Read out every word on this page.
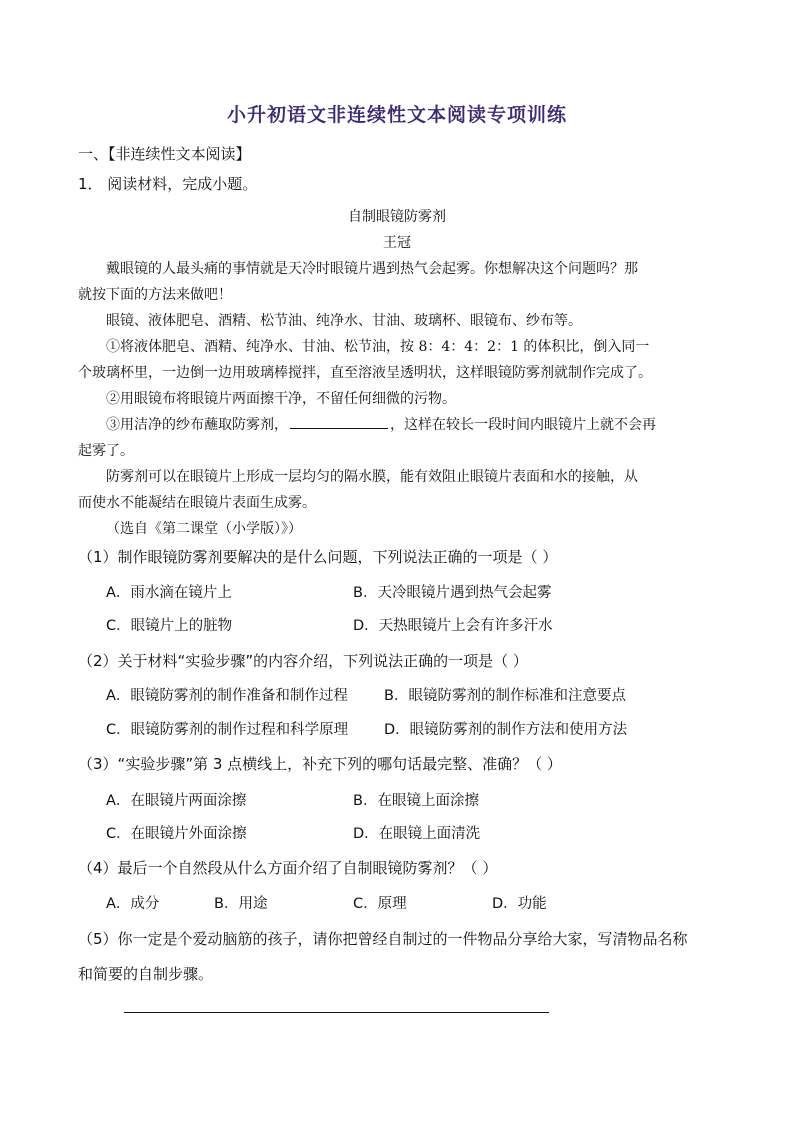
小升初语文非连续性文本阅读专项训练
一、【非连续性文本阅读】
1． 阅读材料，完成小题。
自制眼镜防雾剂
王冠
戴眼镜的人最头痛的事情就是天冷时眼镜片遇到热气会起雾。你想解决这个问题吗？那
就按下面的方法来做吧！
眼镜、液体肥皂、酒精、松节油、纯净水、甘油、玻璃杯、眼镜布、纱布等。
①将液体肥皂、酒精、纯净水、甘油、松节油，按 8：4：4：2：1 的体积比，倒入同一
个玻璃杯里，一边倒一边用玻璃棒搅拌，直至溶液呈透明状，这样眼镜防雾剂就制作完成了。
②用眼镜布将眼镜片两面擦干净，不留任何细微的污物。
③用洁净的纱布蘸取防雾剂，	，这样在较长一段时间内眼镜片上就不会再
起雾了。
防雾剂可以在眼镜片上形成一层均匀的隔水膜，能有效阻止眼镜片表面和水的接触，从
而使水不能凝结在眼镜片表面生成雾。
（选自《第二课堂（小学版）》）
（1）制作眼镜防雾剂要解决的是什么问题，下列说法正确的一项是（ ）
A．雨水滴在镜片上	B．天冷眼镜片遇到热气会起雾
C．眼镜片上的脏物	D．天热眼镜片上会有许多汗水
（2）关于材料“实验步骤”的内容介绍，下列说法正确的一项是（ ）
A．眼镜防雾剂的制作准备和制作过程 B．眼镜防雾剂的制作标准和注意要点
C．眼镜防雾剂的制作过程和科学原理 D．眼镜防雾剂的制作方法和使用方法
（3）“实验步骤”第 3 点横线上，补充下列的哪句话最完整、准确？（ ）
A．在眼镜片两面涂擦	B．在眼镜上面涂擦
C．在眼镜片外面涂擦	D．在眼镜上面清洗
（4）最后一个自然段从什么方面介绍了自制眼镜防雾剂？（ ）
A．成分	B．用途	C．原理	D．功能
（5）你一定是个爱动脑筋的孩子，请你把曾经自制过的一件物品分享给大家，写清物品名称
和简要的自制步骤。
